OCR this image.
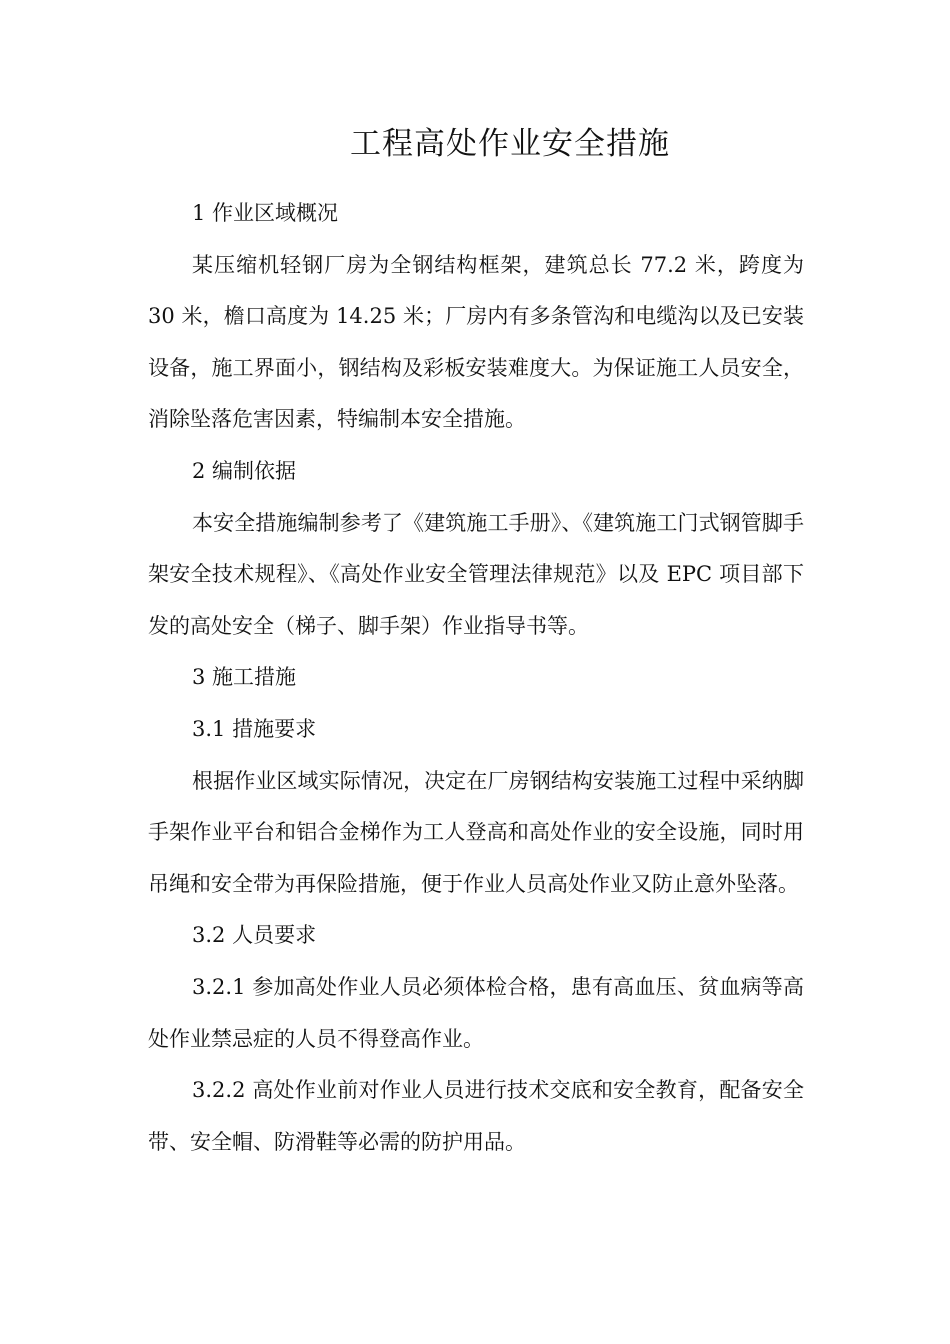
工程高处作业安全措施

1 作业区域概况

某压缩机轻钢厂房为全钢结构框架，建筑总长 77.2 米，跨度为 30 米，檐口高度为 14.25 米；厂房内有多条管沟和电缆沟以及已安装设备，施工界面小，钢结构及彩板安装难度大。为保证施工人员安全，消除坠落危害因素，特编制本安全措施。

2 编制依据

本安全措施编制参考了《建筑施工手册》、《建筑施工门式钢管脚手架安全技术规程》、《高处作业安全管理法律规范》以及 EPC 项目部下发的高处安全（梯子、脚手架）作业指导书等。

3 施工措施

3.1 措施要求

根据作业区域实际情况，决定在厂房钢结构安装施工过程中采纳脚手架作业平台和铝合金梯作为工人登高和高处作业的安全设施，同时用吊绳和安全带为再保险措施，便于作业人员高处作业又防止意外坠落。

3.2 人员要求

3.2.1 参加高处作业人员必须体检合格，患有高血压、贫血病等高处作业禁忌症的人员不得登高作业。

3.2.2 高处作业前对作业人员进行技术交底和安全教育，配备安全带、安全帽、防滑鞋等必需的防护用品。
